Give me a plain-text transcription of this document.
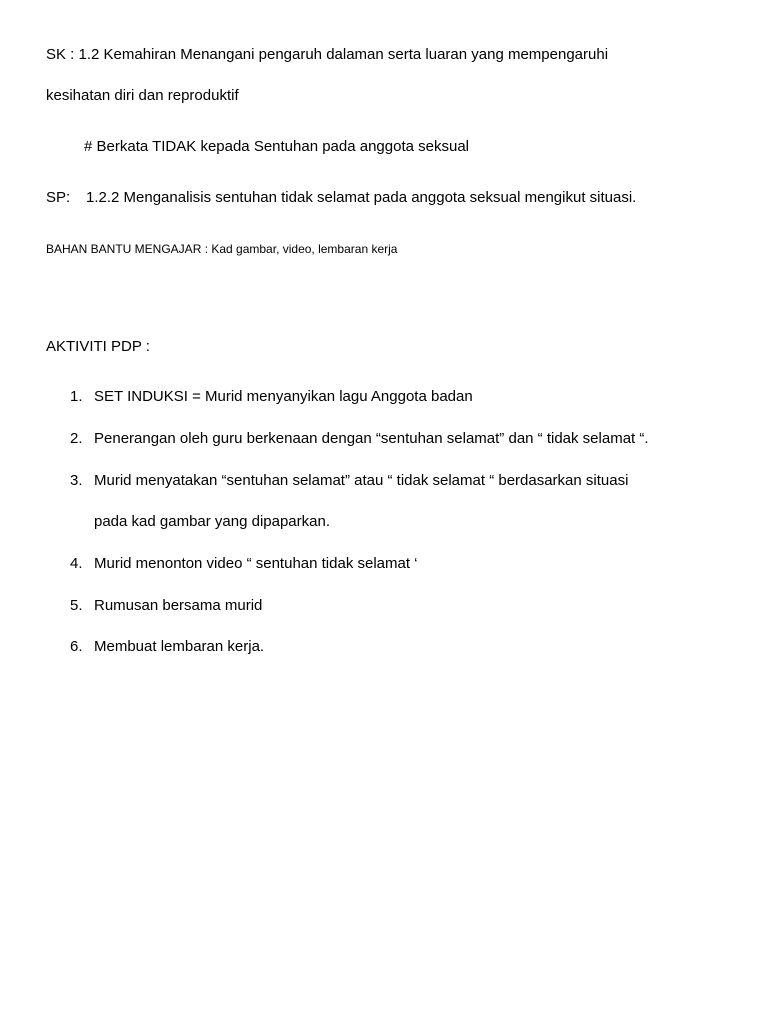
SK : 1.2 Kemahiran Menangani pengaruh dalaman serta luaran yang mempengaruhi
kesihatan diri dan reproduktif
# Berkata TIDAK kepada Sentuhan pada anggota seksual
SP: 1.2.2 Menganalisis sentuhan tidak selamat pada anggota seksual mengikut situasi.
BAHAN BANTU MENGAJAR : Kad gambar, video, lembaran kerja
AKTIVITI PDP :
1. SET INDUKSI = Murid menyanyikan lagu Anggota badan
2. Penerangan oleh guru berkenaan dengan “sentuhan selamat” dan “ tidak selamat “.
3. Murid menyatakan “sentuhan selamat” atau “ tidak selamat “ berdasarkan situasi
pada kad gambar yang dipaparkan.
4. Murid menonton video “ sentuhan tidak selamat ‘
5. Rumusan bersama murid
6. Membuat lembaran kerja.
